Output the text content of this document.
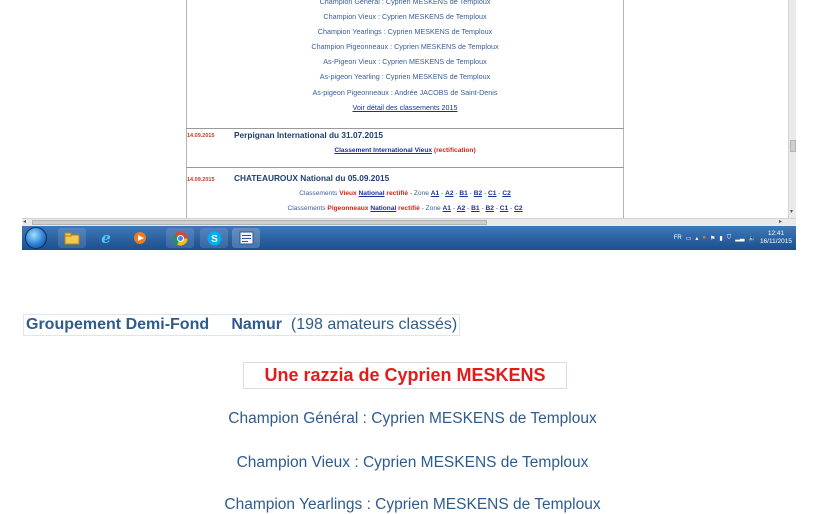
Champion Général : Cyprien MESKENS de Temploux
Champion Vieux : Cyprien MESKENS de Temploux
Champion Yearlings : Cyprien MESKENS de Temploux
Champion Pigeonneaux : Cyprien MESKENS de Temploux
As-Pigeon Vieux : Cyprien MESKENS de Temploux
As-pigeon Yearling : Cyprien MESKENS de Temploux
As-pigeon Pigeonneaux : Andrée JACOBS de Saint-Denis
Voir détail des classements 2015
14.09.2015 Perpignan International du 31.07.2015
Classement International Vieux (rectification)
14.09.2015 CHATEAUROUX National du 05.09.2015
Classements Vieux National rectifié - Zone A1 - A2 - B1 - B2 - C1 - C2
Classements Pigeonneaux National rectifié - Zone A1 - A2 - B1 - B2 - C1 - C2	▾
◂	▸
e	S	FR ▭ ▴ ● ⚑ ▮ ⛉ ▂▃ 🔈
12:41
16/11/2015
Groupement Demi-Fond Namur (198 amateurs classés)
Une razzia de Cyprien MESKENS
Champion Général : Cyprien MESKENS de Temploux
Champion Vieux : Cyprien MESKENS de Temploux
Champion Yearlings : Cyprien MESKENS de Temploux
